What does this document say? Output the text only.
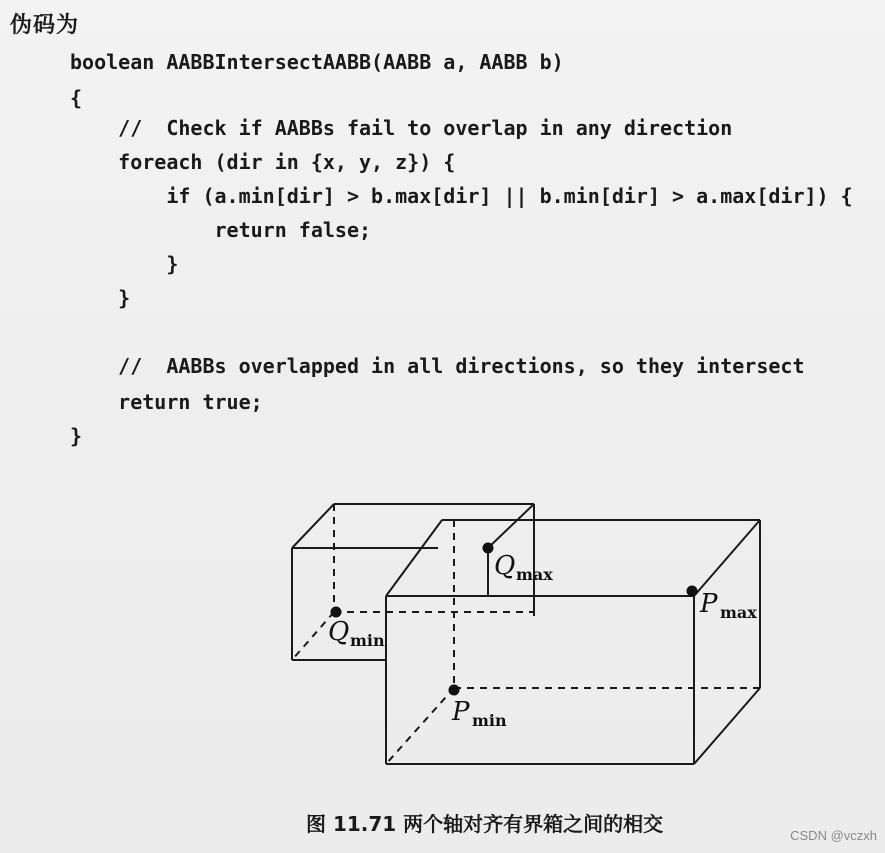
伪码为

boolean AABBIntersectAABB(AABB a, AABB b)

{

//  Check if AABBs fail to overlap in any direction

foreach (dir in {x, y, z}) {

if (a.min[dir] > b.max[dir] || b.min[dir] > a.max[dir]) {

return false;

}

}

//  AABBs overlapped in all directions, so they intersect

return true;

}

Q max
Q min
P max
P min
图 11.71 两个轴对齐有界箱之间的相交	CSDN @vczxh
